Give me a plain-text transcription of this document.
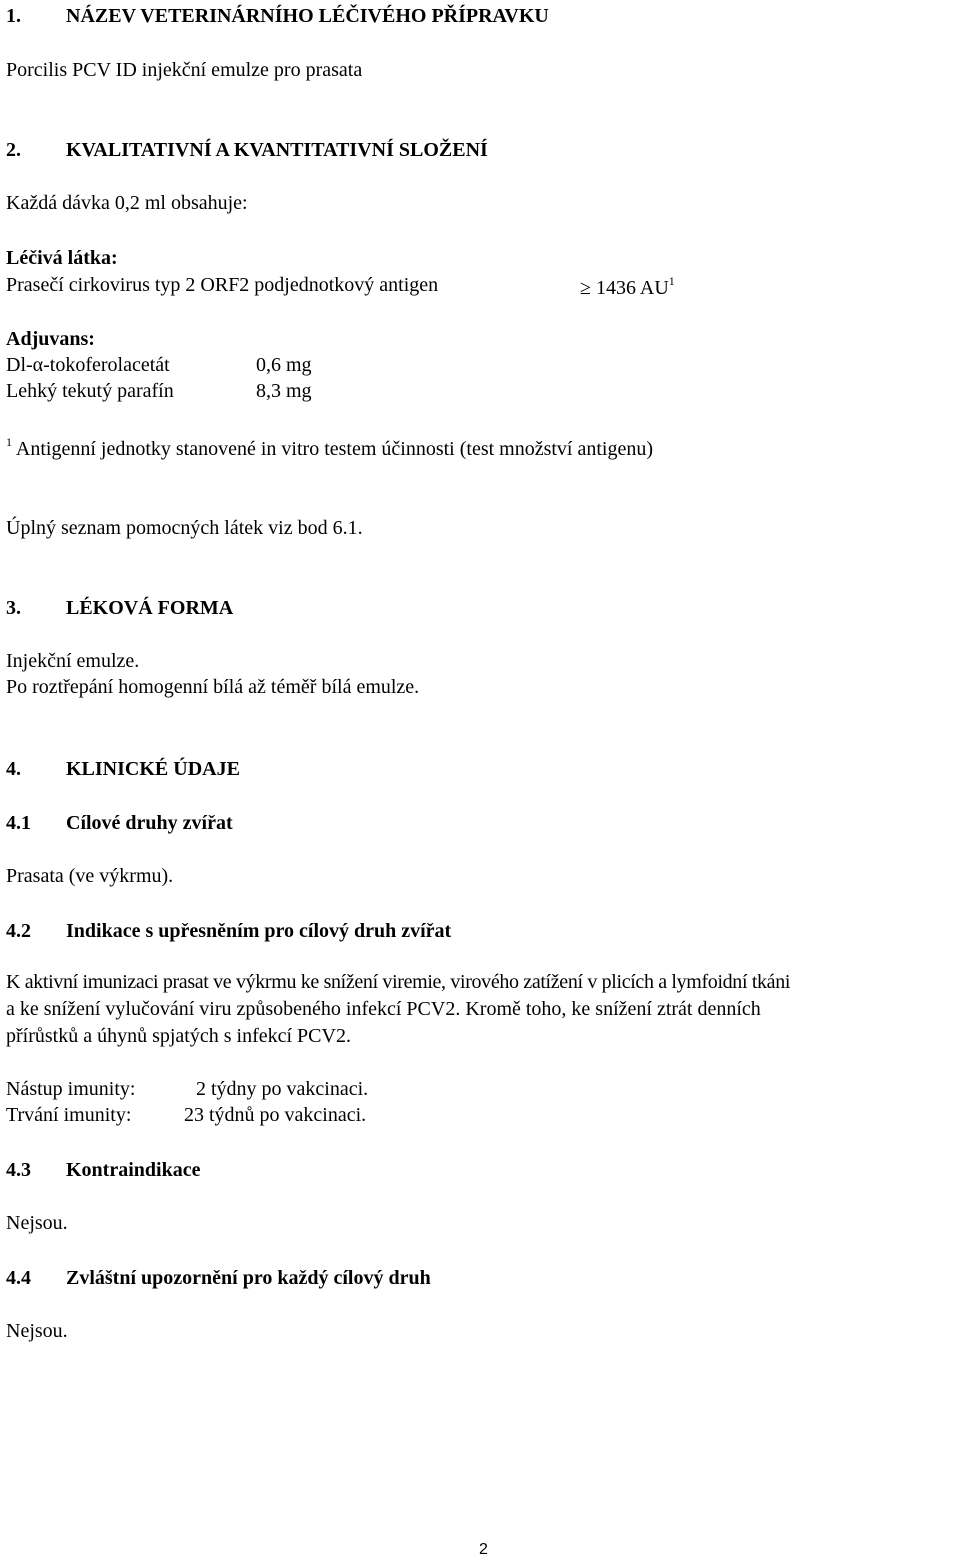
1. NÁZEV VETERINÁRNÍHO LÉČIVÉHO PŘÍPRAVKU
Porcilis PCV ID injekční emulze pro prasata
2. KVALITATIVNÍ A KVANTITATIVNÍ SLOŽENÍ
Každá dávka 0,2 ml obsahuje:
Léčivá látka:
Prasečí cirkovirus typ 2 ORF2 podjednotkový antigen	≥ 1436 $AU^1$
Adjuvans:
Dl-α-tokoferolacetát	0,6 mg
Lehký tekutý parafín	8,3 mg
$^1$ Antigenní jednotky stanovené in vitro testem účinnosti (test množství antigenu)
Úplný seznam pomocných látek viz bod 6.1.
3. LÉKOVÁ FORMA
Injekční emulze.
Po roztřepání homogenní bílá až téměř bílá emulze.
4. KLINICKÉ ÚDAJE
4.1 Cílové druhy zvířat
Prasata (ve výkrmu).
4.2 Indikace s upřesněním pro cílový druh zvířat
K aktivní imunizaci prasat ve výkrmu ke snížení viremie, virového zatížení v plicích a lymfoidní tkáni
a ke snížení vylučování viru způsobeného infekcí PCV2. Kromě toho, ke snížení ztrát denních
přírůstků a úhynů spjatých s infekcí PCV2.
Nástup imunity:	2 týdny po vakcinaci.
Trvání imunity:	23 týdnů po vakcinaci.
4.3 Kontraindikace
Nejsou.
4.4 Zvláštní upozornění pro každý cílový druh
Nejsou.
2
